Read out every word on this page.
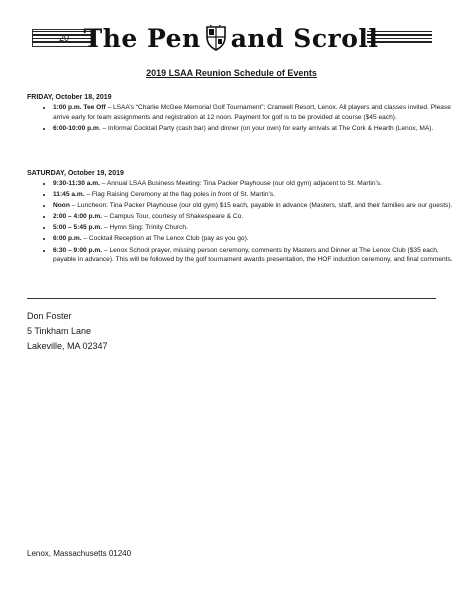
The Pen and Scroll
2019 LSAA Reunion Schedule of Events
FRIDAY, October 18, 2019
• 1:00 p.m. Tee Off – LSAA’s “Charlie McGee Memorial Golf Tournament”; Cranwell Resort, Lenox. All players and classes invited. Please arrive early for team assignments and registration at 12 noon. Payment for golf is to be provided at course ($45 each).
• 6:00-10:00 p.m. – Informal Cocktail Party (cash bar) and dinner (on your own) for early arrivals at The Cork & Hearth (Lenox, MA).
SATURDAY, October 19, 2019
• 9:30-11:30 a.m. – Annual LSAA Business Meeting: Tina Packer Playhouse (our old gym) adjacent to St. Martin’s.
• 11:45 a.m. – Flag Raising Ceremony at the flag poles in front of St. Martin’s.
• Noon – Luncheon: Tina Packer Playhouse (our old gym) $15 each, payable in advance (Masters, staff, and their families are our guests).
• 2:00 – 4:00 p.m. – Campus Tour, courtesy of Shakespeare & Co.
• 5:00 – 5:45 p.m. – Hymn Sing: Trinity Church.
• 6:00 p.m. – Cocktail Reception at The Lenox Club (pay as you go).
• 6:30 – 9:00 p.m. – Lenox School prayer, missing person ceremony, comments by Masters and Dinner at The Lenox Club ($35 each, payable in advance). This will be followed by the golf tournament awards presentation, the HOF induction ceremony, and final comments.
Don Foster
5 Tinkham Lane
Lakeville, MA 02347
Lenox, Massachusetts 01240
